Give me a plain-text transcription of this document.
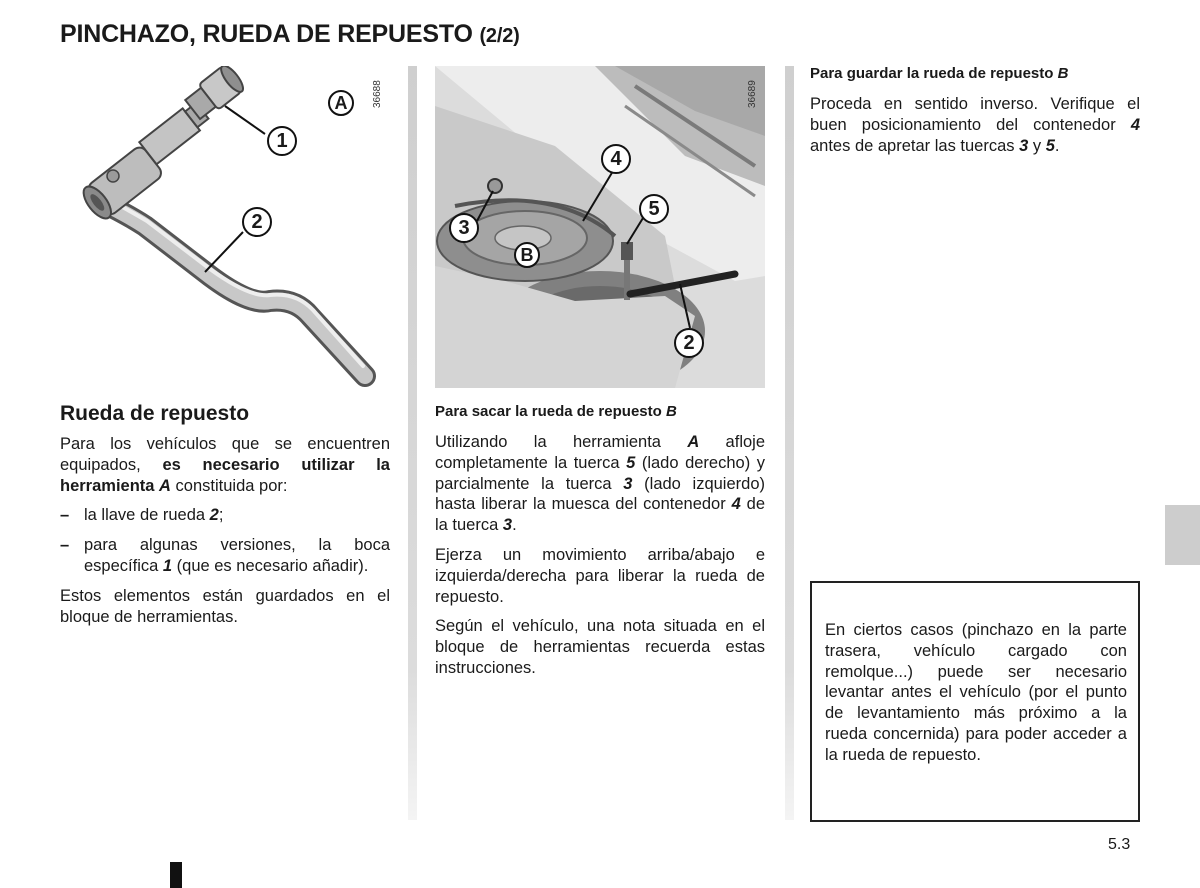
PINCHAZO, RUEDA DE REPUESTO (2/2)
1
2
A	36688
4
5
3
2
B
36689
Rueda de repuesto

Para los vehículos que se encuentren equipados, es necesario utilizar la herramienta A constituida por:

– la llave de rueda 2;

– para algunas versiones, la boca específica 1 (que es necesario añadir).

Estos elementos están guardados en el bloque de herramientas.

Para sacar la rueda de repuesto B

Utilizando la herramienta A afloje completamente la tuerca 5 (lado derecho) y parcialmente la tuerca 3 (lado izquierdo) hasta liberar la muesca del contenedor 4 de la tuerca 3.

Ejerza un movimiento arriba/abajo e izquierda/derecha para liberar la rueda de repuesto.

Según el vehículo, una nota situada en el bloque de herramientas recuerda estas instrucciones.

Para guardar la rueda de repuesto B

Proceda en sentido inverso. Verifique el buen posicionamiento del contenedor 4 antes de apretar las tuercas 3 y 5.

En ciertos casos (pinchazo en la parte trasera, vehículo cargado con remolque...) puede ser necesario levantar antes el vehículo (por el punto de levantamiento más próximo a la rueda concernida) para poder acceder a la rueda de repuesto.
5.3
